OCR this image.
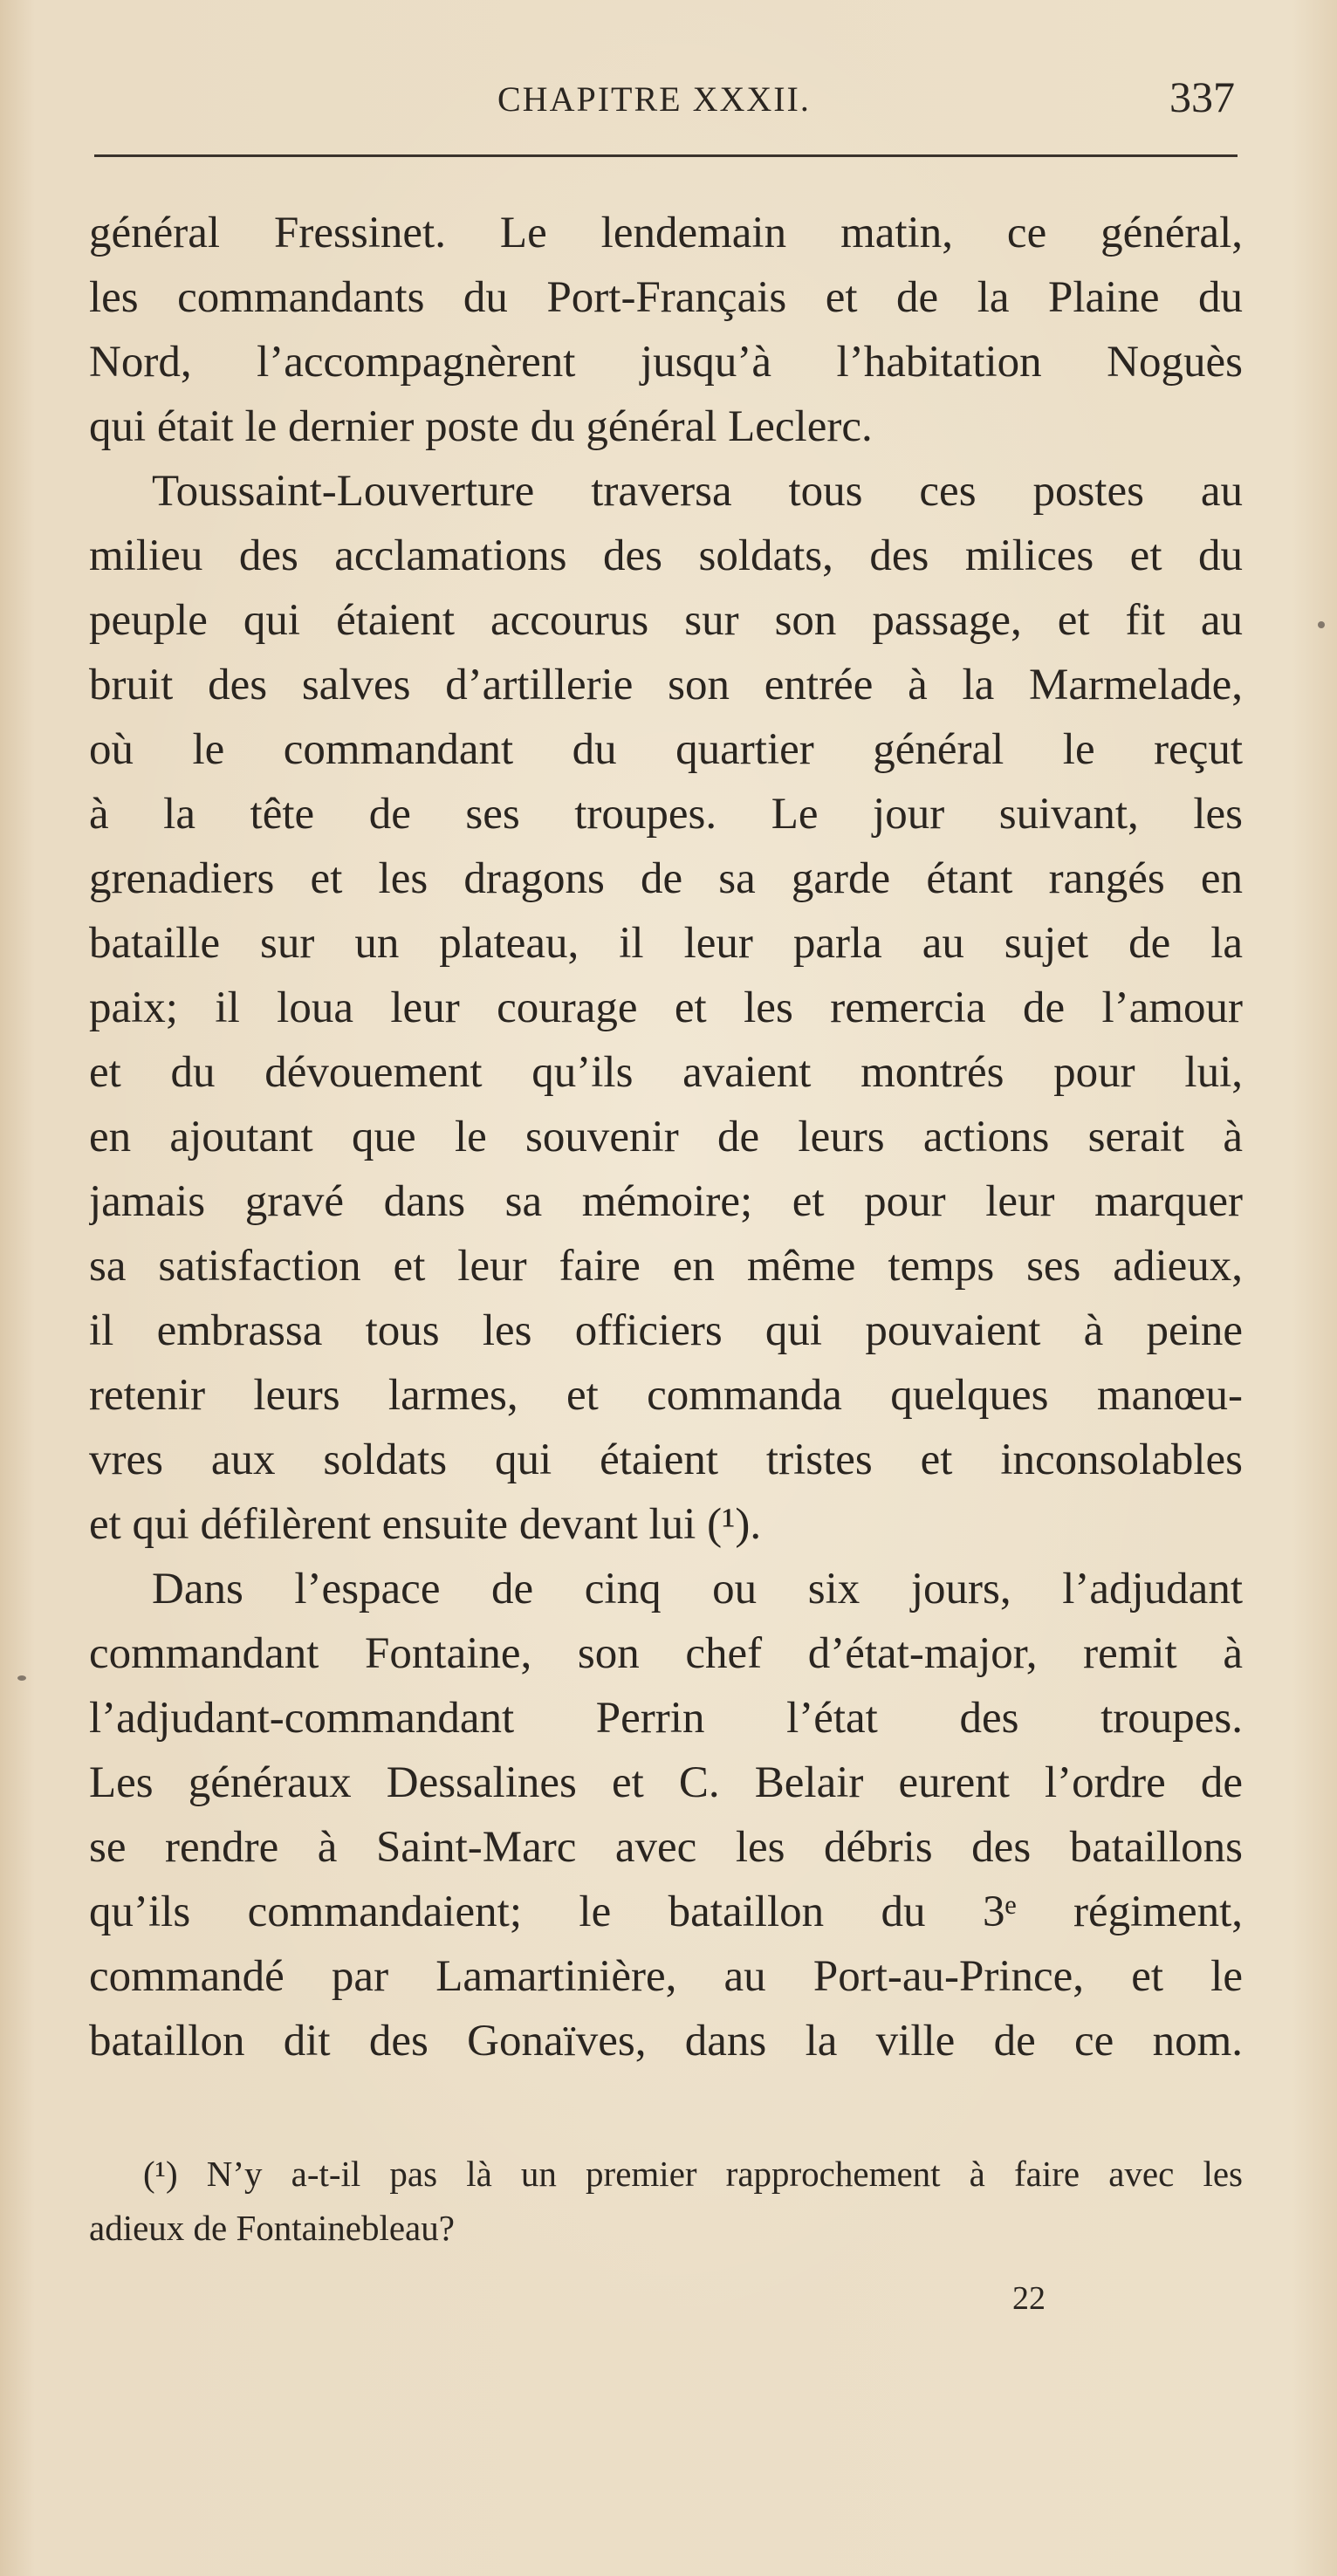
CHAPITRE XXXII.	337
général Fressinet. Le lendemain matin, ce général,
les commandants du Port-Français et de la Plaine du
Nord, l’accompagnèrent jusqu’à l’habitation Noguès
qui était le dernier poste du général Leclerc.
Toussaint-Louverture traversa tous ces postes au
milieu des acclamations des soldats, des milices et du
peuple qui étaient accourus sur son passage, et fit au
bruit des salves d’artillerie son entrée à la Marmelade,
où le commandant du quartier général le reçut
à la tête de ses troupes. Le jour suivant, les
grenadiers et les dragons de sa garde étant rangés en
bataille sur un plateau, il leur parla au sujet de la
paix; il loua leur courage et les remercia de l’amour
et du dévouement qu’ils avaient montrés pour lui,
en ajoutant que le souvenir de leurs actions serait à
jamais gravé dans sa mémoire; et pour leur marquer
sa satisfaction et leur faire en même temps ses adieux,
il embrassa tous les officiers qui pouvaient à peine
retenir leurs larmes, et commanda quelques manœu-
vres aux soldats qui étaient tristes et inconsolables
et qui défilèrent ensuite devant lui (¹).
Dans l’espace de cinq ou six jours, l’adjudant
commandant Fontaine, son chef d’état-major, remit à
l’adjudant-commandant Perrin l’état des troupes.
Les généraux Dessalines et C. Belair eurent l’ordre de
se rendre à Saint-Marc avec les débris des bataillons
qu’ils commandaient; le bataillon du 3ᵉ régiment,
commandé par Lamartinière, au Port-au-Prince, et le
bataillon dit des Gonaïves, dans la ville de ce nom.
(¹) N’y a-t-il pas là un premier rapprochement à faire avec les
adieux de Fontainebleau?
22
